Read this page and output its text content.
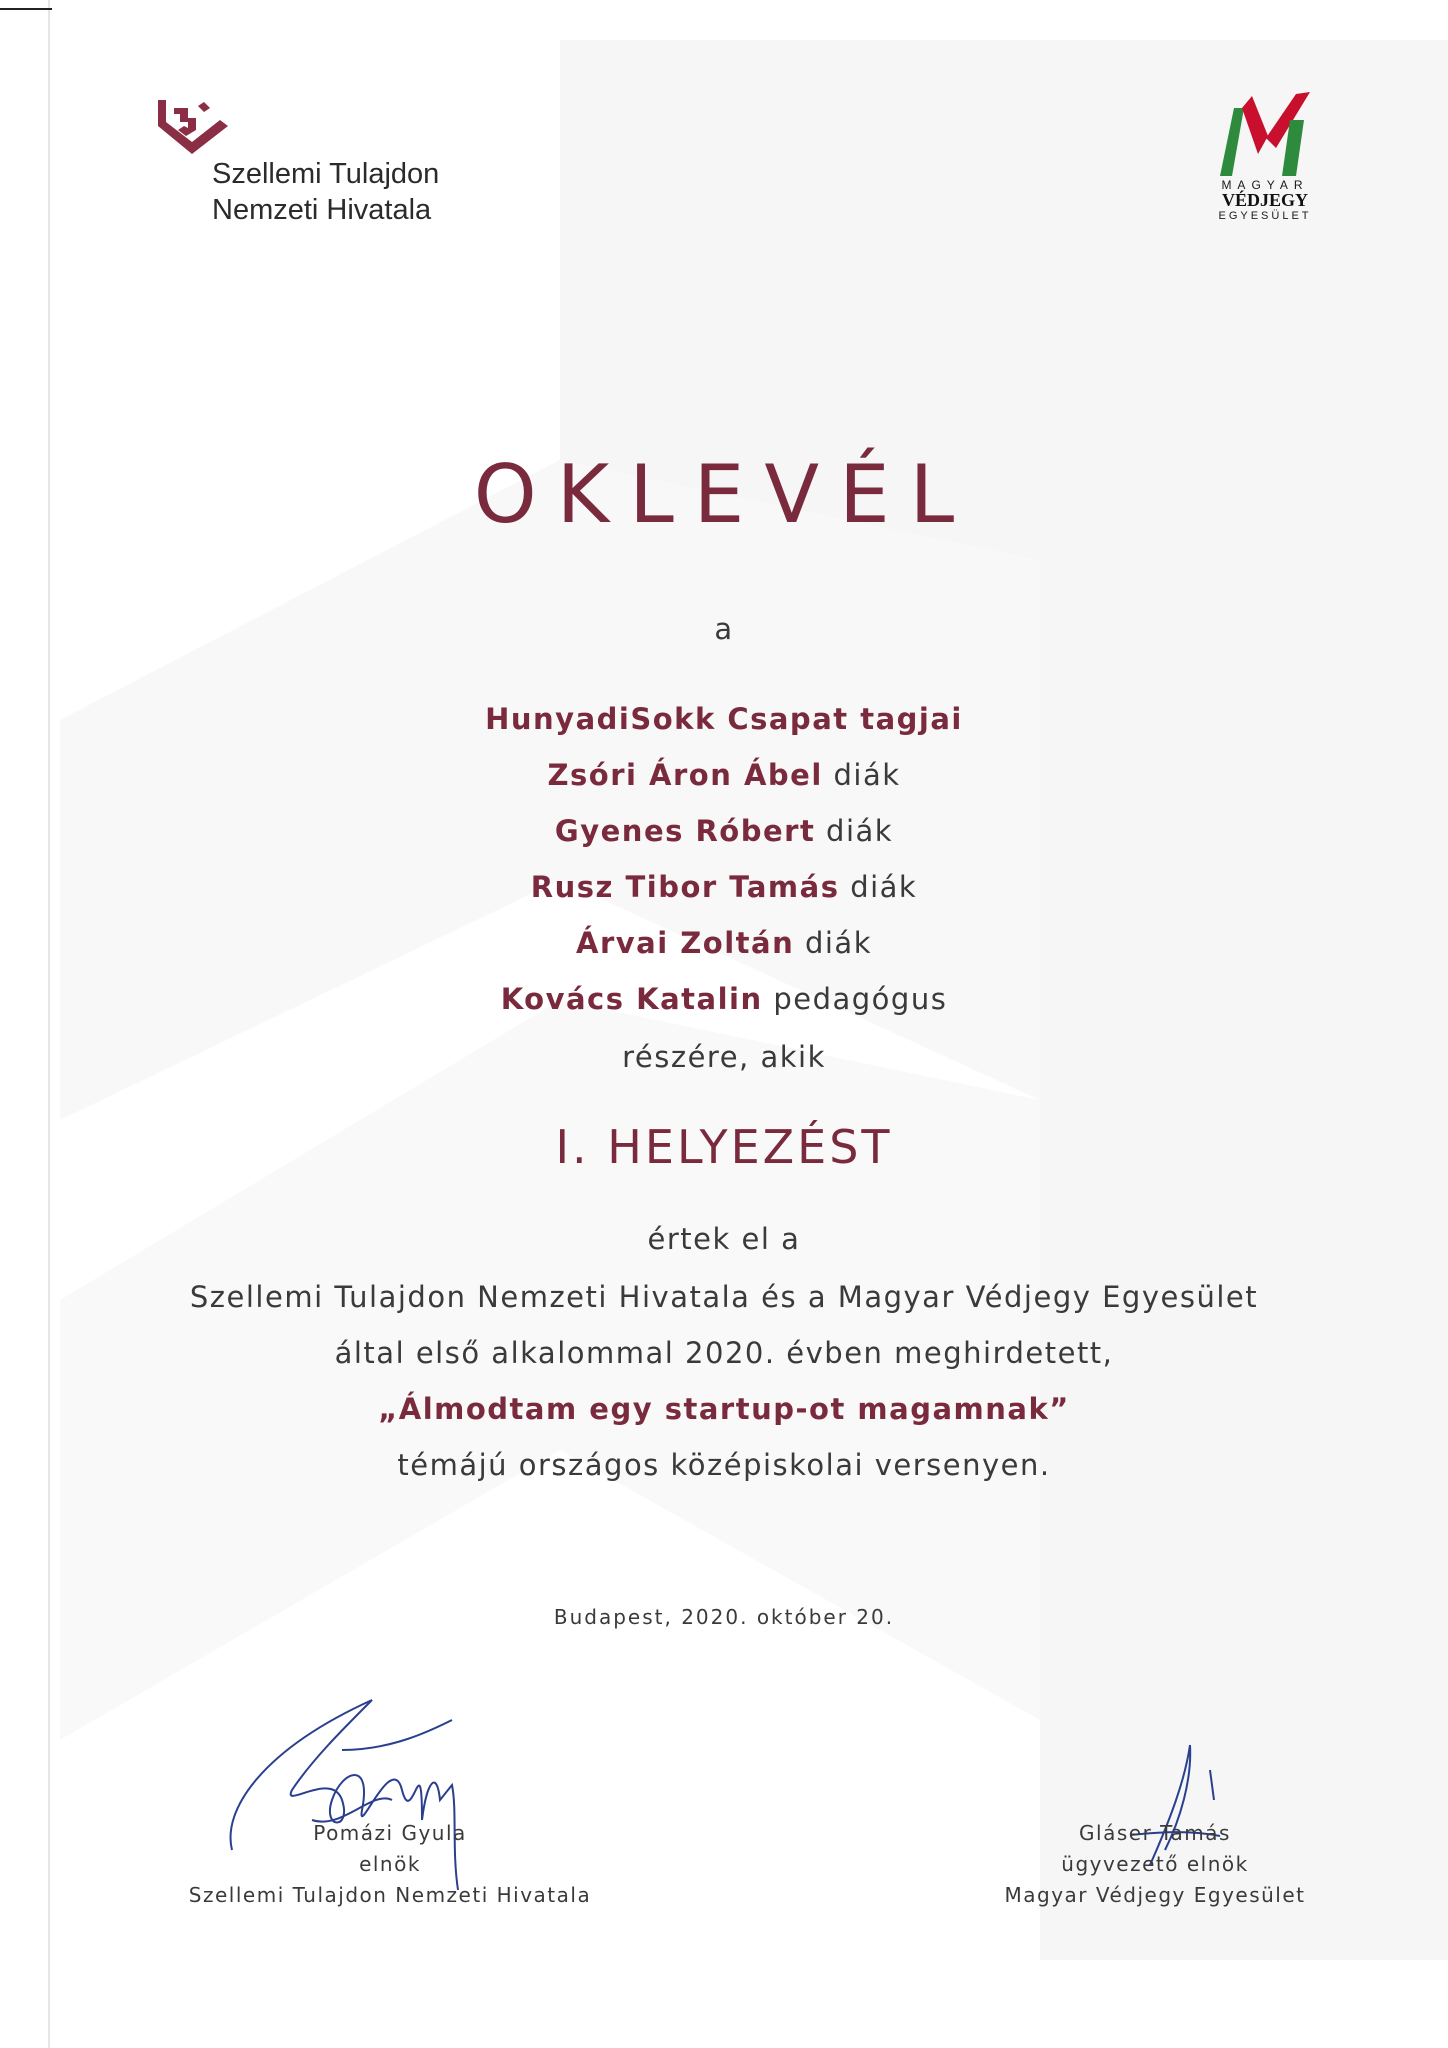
Szellemi Tulajdon
Nemzeti Hivatala
MAGYAR
VÉDJEGY
EGYESÜLET
OKLEVÉL
a
HunyadiSokk Csapat tagjai
Zsóri Áron Ábel diák
Gyenes Róbert diák
Rusz Tibor Tamás diák
Árvai Zoltán diák
Kovács Katalin pedagógus
részére, akik
I. HELYEZÉST
értek el a
Szellemi Tulajdon Nemzeti Hivatala és a Magyar Védjegy Egyesület
által első alkalommal 2020. évben meghirdetett,
„Álmodtam egy startup-ot magamnak”
témájú országos középiskolai versenyen.
Budapest, 2020. október 20.
Pomázi Gyula
elnök
Szellemi Tulajdon Nemzeti Hivatala
Gláser Tamás
ügyvezető elnök
Magyar Védjegy Egyesület
